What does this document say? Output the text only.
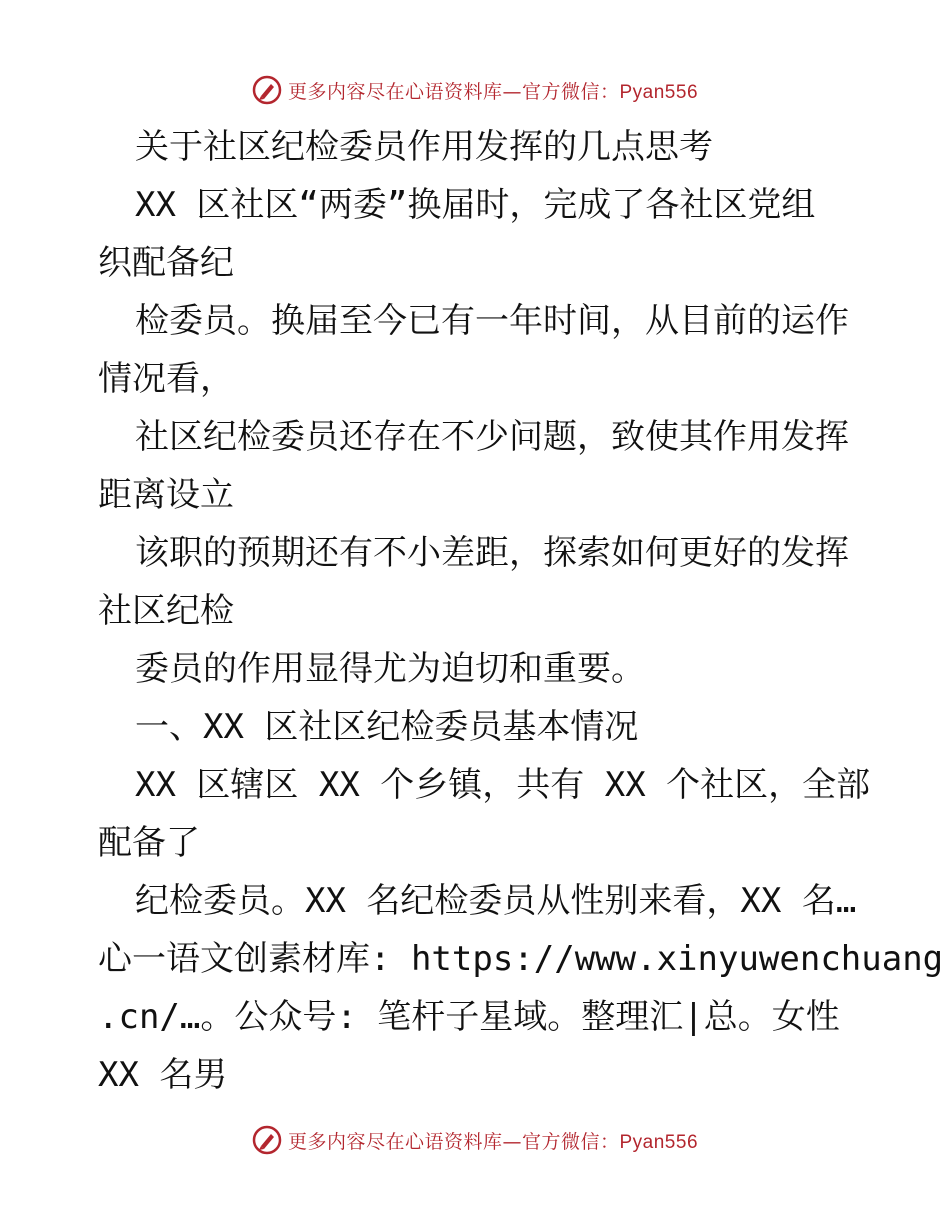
更多内容尽在心语资料库—官方微信：Pyan556
关于社区纪检委员作用发挥的几点思考
XX 区社区“两委”换届时，完成了各社区党组
织配备纪
检委员。换届至今已有一年时间，从目前的运作
情况看，
社区纪检委员还存在不少问题，致使其作用发挥
距离设立
该职的预期还有不小差距，探索如何更好的发挥
社区纪检
委员的作用显得尤为迫切和重要。
一、XX 区社区纪检委员基本情况
XX 区辖区 XX 个乡镇，共有 XX 个社区，全部
配备了
纪检委员。XX 名纪检委员从性别来看，XX 名…
心一语文创素材库: https://www.xinyuwenchuang
.cn/…。公众号: 笔杆子星域。整理汇|总。女性
XX 名男
更多内容尽在心语资料库—官方微信：Pyan556
